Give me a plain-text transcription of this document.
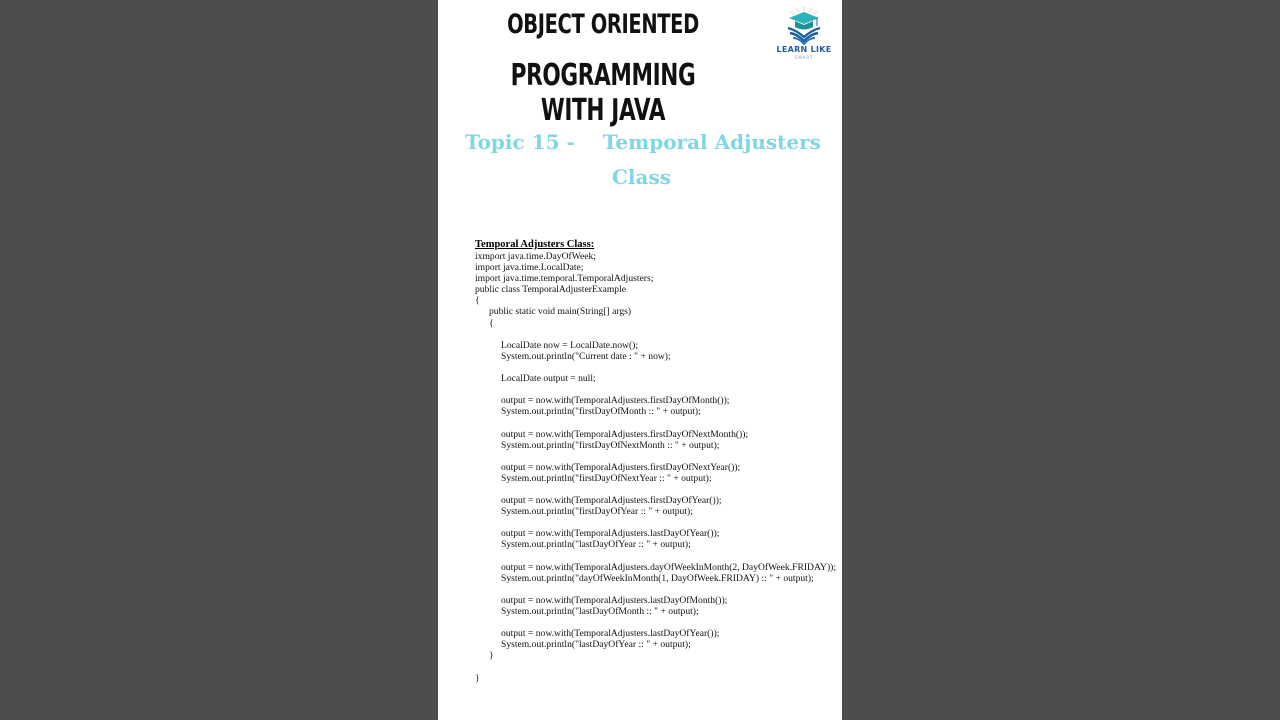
OBJECT ORIENTED
PROGRAMMING WITH JAVA
LEARN LIKE
SMART
Topic 15 - Temporal Adjusters
Class
Temporal Adjusters Class:
ixmport java.time.DayOfWeek;
import java.time.LocalDate;
import java.time.temporal.TemporalAdjusters;
public class TemporalAdjusterExample
{
public static void main(String[] args)
{
LocalDate now = LocalDate.now();
System.out.println("Current date : " + now);
LocalDate output = null;
output = now.with(TemporalAdjusters.firstDayOfMonth());
System.out.println("firstDayOfMonth :: " + output);
output = now.with(TemporalAdjusters.firstDayOfNextMonth());
System.out.println("firstDayOfNextMonth :: " + output);
output = now.with(TemporalAdjusters.firstDayOfNextYear());
System.out.println("firstDayOfNextYear :: " + output);
output = now.with(TemporalAdjusters.firstDayOfYear());
System.out.println("firstDayOfYear :: " + output);
output = now.with(TemporalAdjusters.lastDayOfYear());
System.out.println("lastDayOfYear :: " + output);
output = now.with(TemporalAdjusters.dayOfWeekInMonth(2, DayOfWeek.FRIDAY));
System.out.println("dayOfWeekInMonth(1, DayOfWeek.FRIDAY) :: " + output);
output = now.with(TemporalAdjusters.lastDayOfMonth());
System.out.println("lastDayOfMonth :: " + output);
output = now.with(TemporalAdjusters.lastDayOfYear());
System.out.println("lastDayOfYear :: " + output);
}
}
